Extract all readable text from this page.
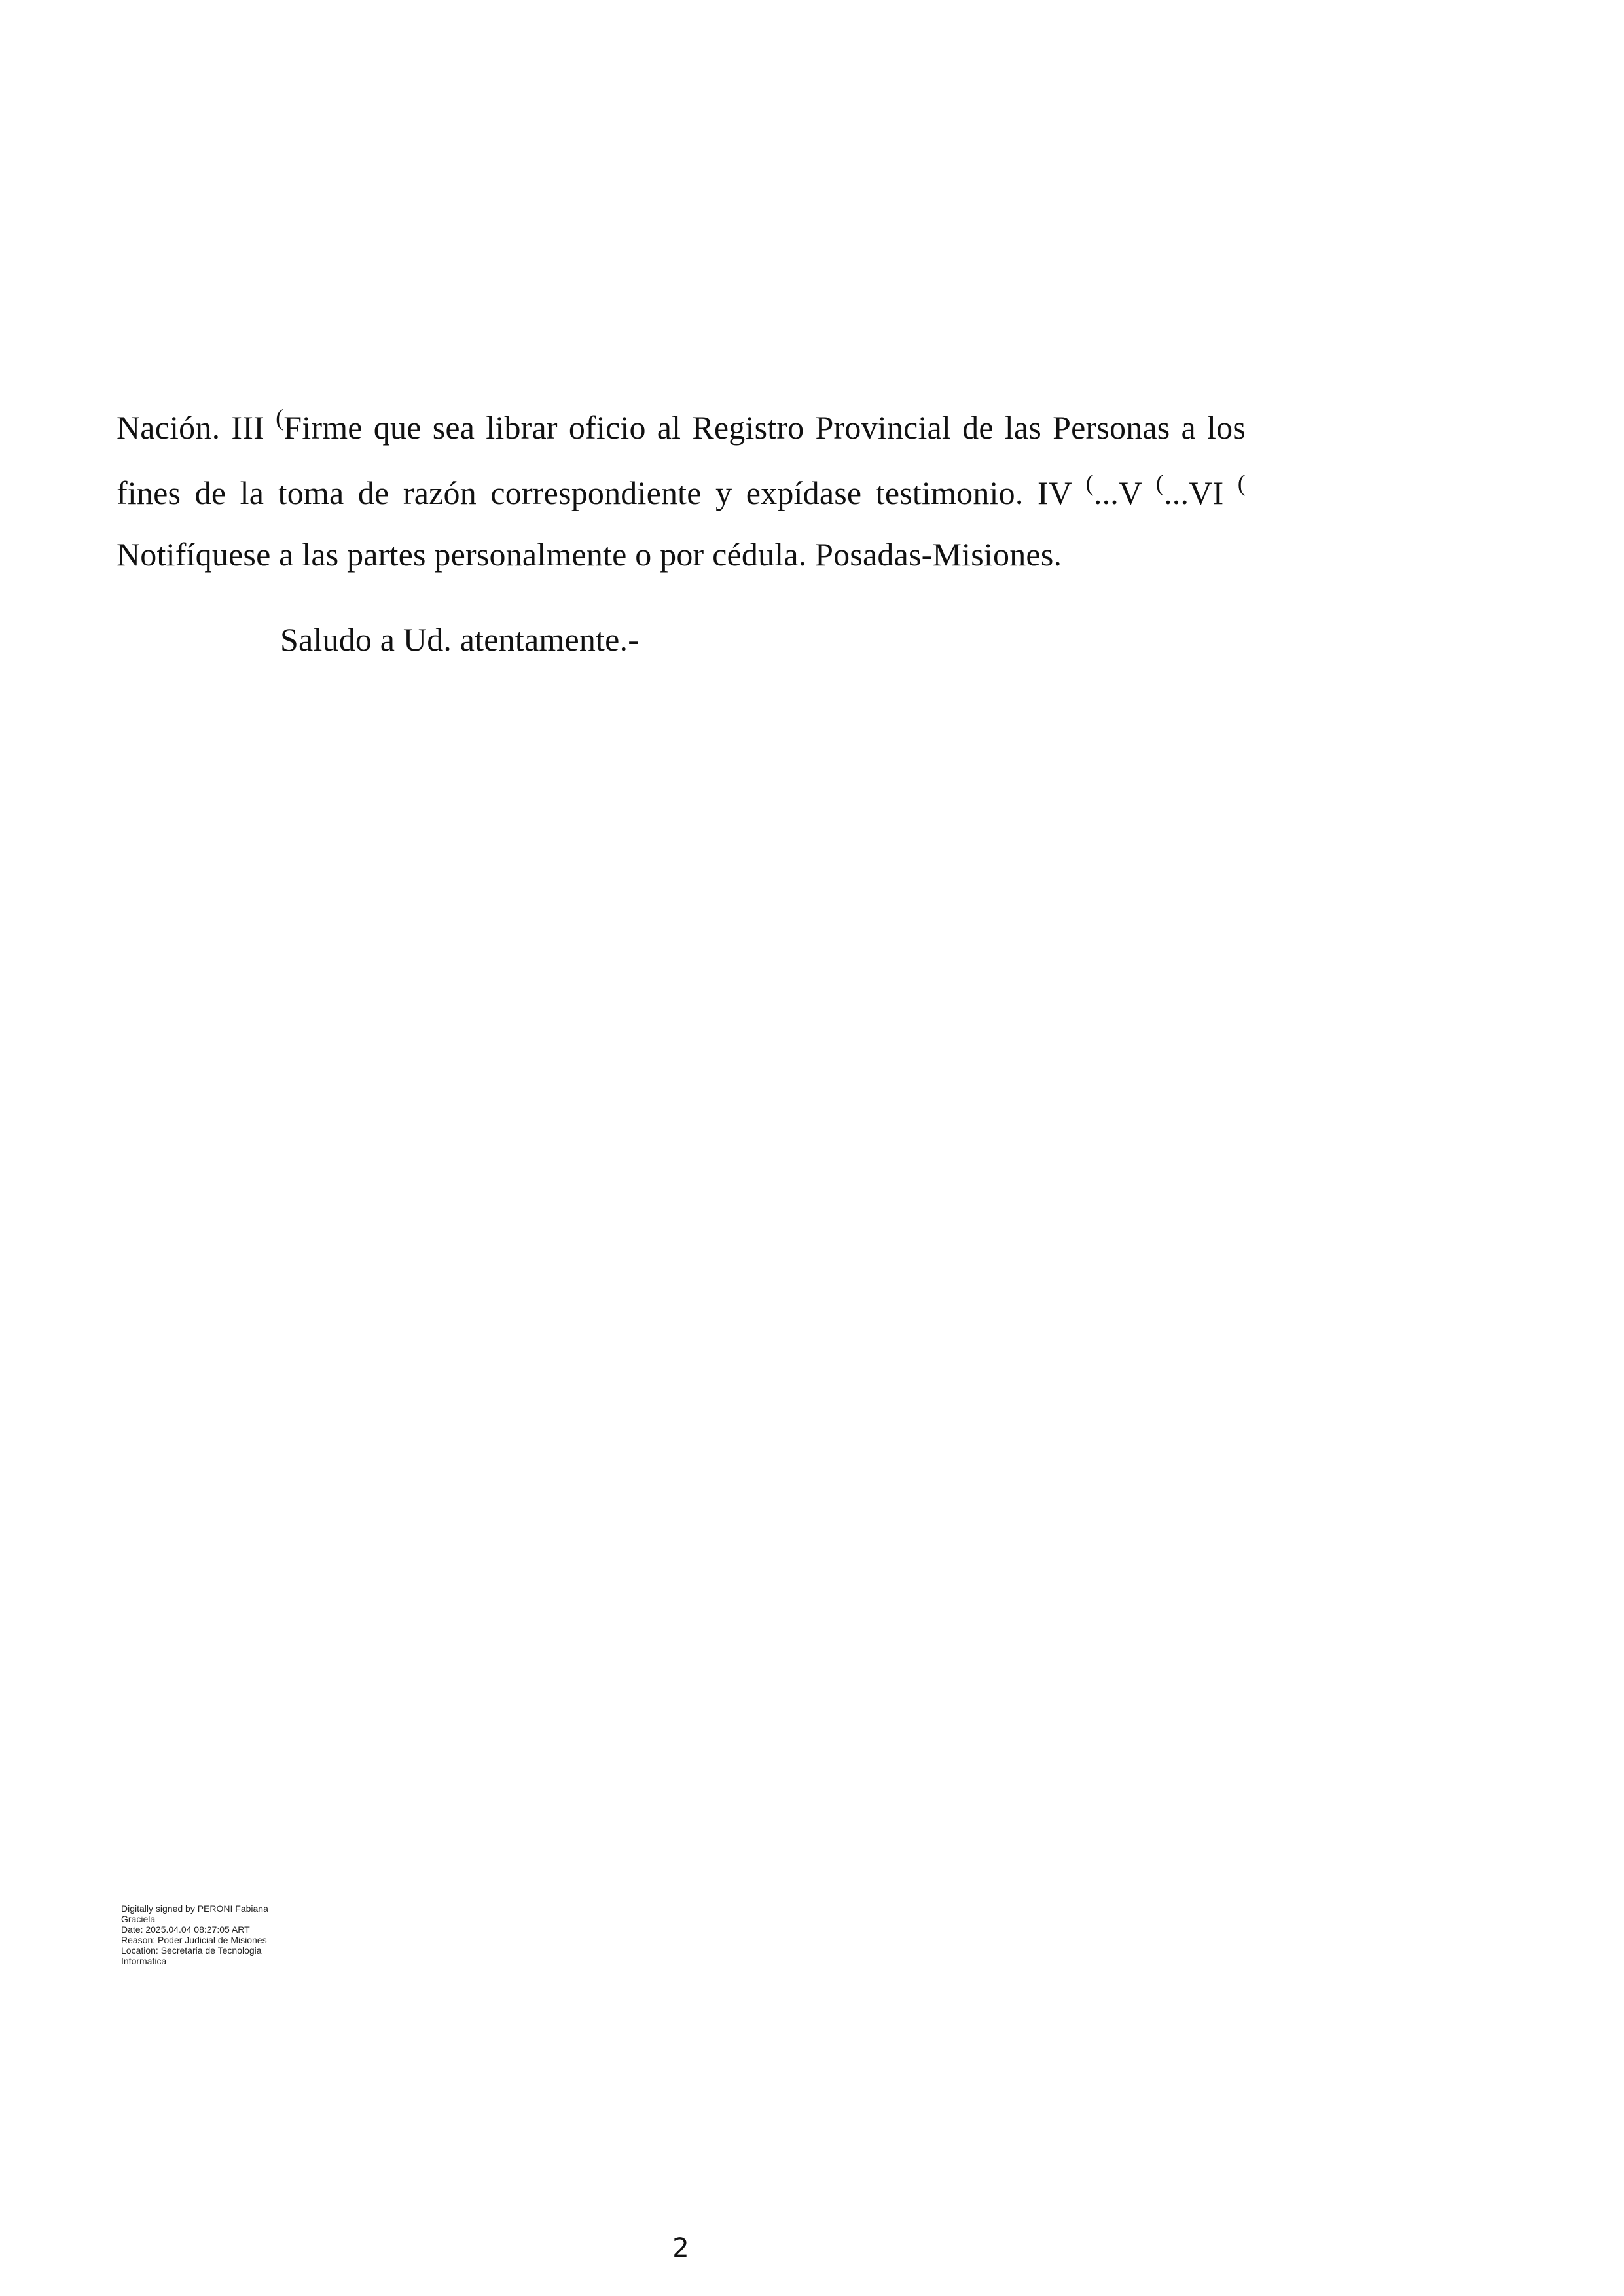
Nación. III (Firme que sea librar oficio al Registro Provincial de las Personas a los

fines de la toma de razón correspondiente y expídase testimonio. IV (...V (...VI (

Notifíquese a las partes personalmente o por cédula. Posadas-Misiones.

Saludo a Ud. atentamente.-

Digitally signed by PERONI Fabiana
Graciela
Date: 2025.04.04 08:27:05 ART
Reason: Poder Judicial de Misiones
Location: Secretaria de Tecnologia
Informatica
2
